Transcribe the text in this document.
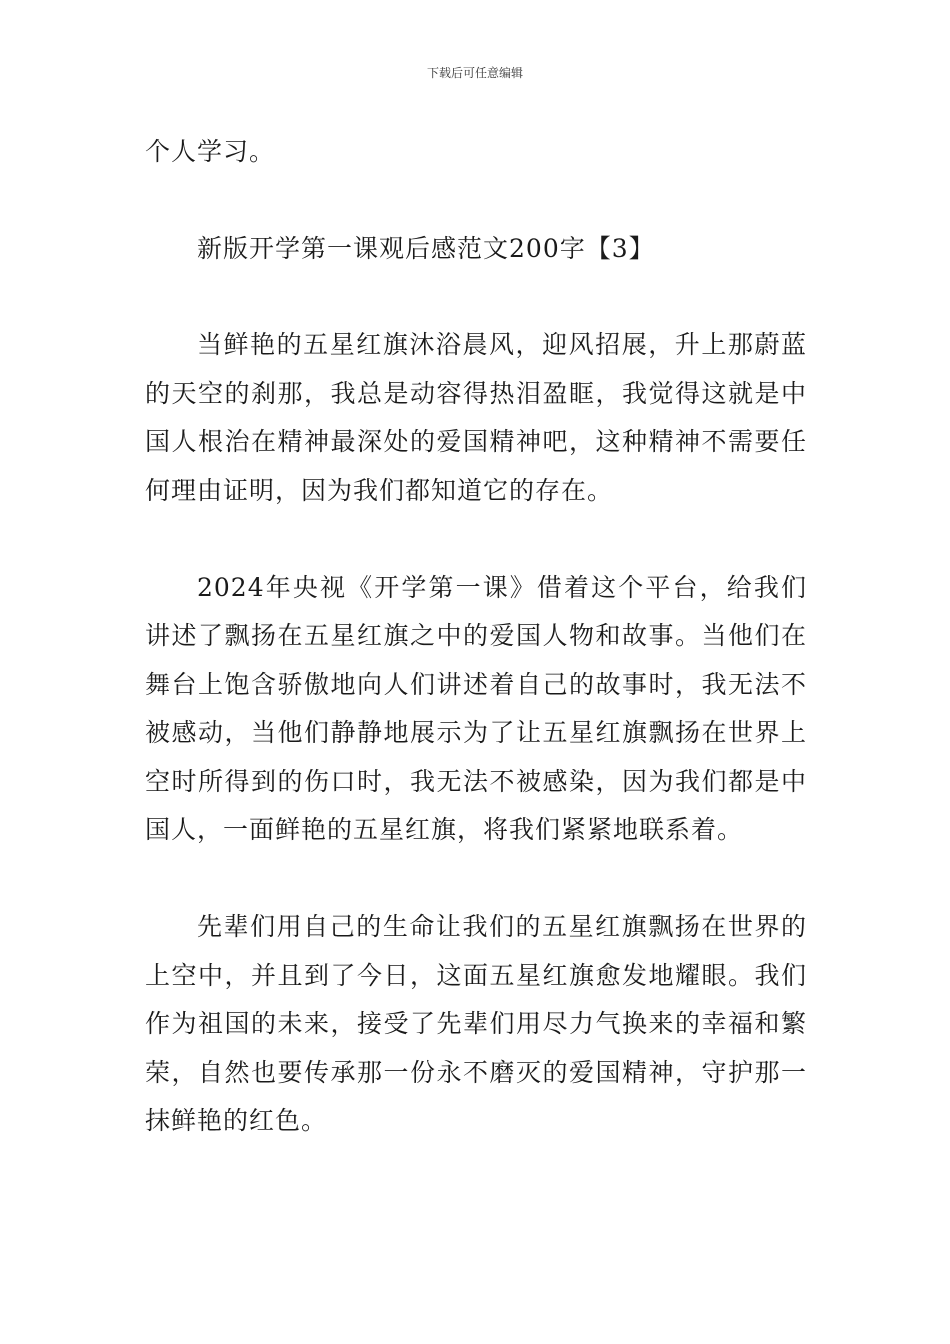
下载后可任意编辑

个人学习。

新版开学第一课观后感范文200字【3】

当鲜艳的五星红旗沐浴晨风，迎风招展，升上那蔚蓝的天空的刹那，我总是动容得热泪盈眶，我觉得这就是中国人根治在精神最深处的爱国精神吧，这种精神不需要任何理由证明，因为我们都知道它的存在。

2024年央视《开学第一课》借着这个平台，给我们讲述了飘扬在五星红旗之中的爱国人物和故事。当他们在舞台上饱含骄傲地向人们讲述着自己的故事时，我无法不被感动，当他们静静地展示为了让五星红旗飘扬在世界上空时所得到的伤口时，我无法不被感染，因为我们都是中国人，一面鲜艳的五星红旗，将我们紧紧地联系着。

先辈们用自己的生命让我们的五星红旗飘扬在世界的上空中，并且到了今日，这面五星红旗愈发地耀眼。我们作为祖国的未来，接受了先辈们用尽力气换来的幸福和繁荣，自然也要传承那一份永不磨灭的爱国精神，守护那一抹鲜艳的红色。
